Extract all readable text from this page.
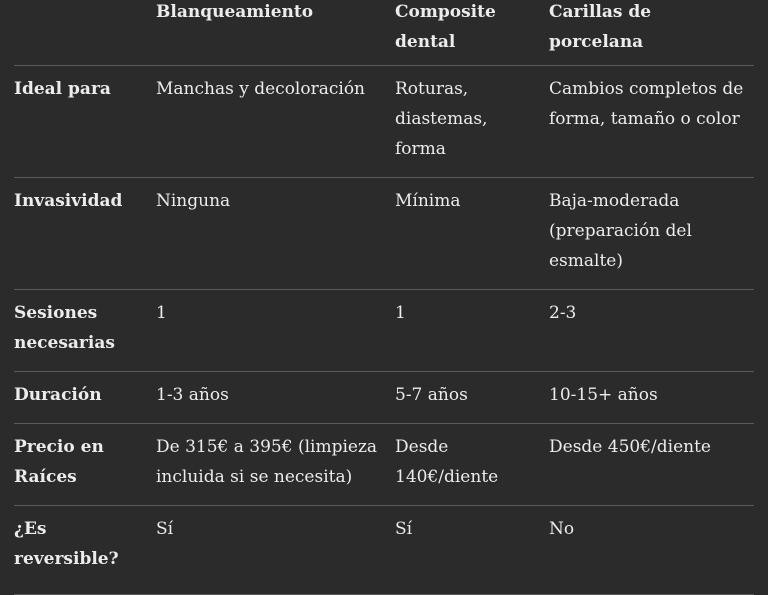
	Blanqueamiento	Composite dental	Carillas de porcelana
Ideal para	Manchas y decoloración	Roturas, diastemas, forma	Cambios completos de forma, tamaño o color
Invasividad	Ninguna	Mínima	Baja-moderada (preparación del esmalte)
Sesiones necesarias	1	1	2-3
Duración	1-3 años	5-7 años	10-15+ años
Precio en Raíces	De 315€ a 395€ (limpieza incluida si se necesita)	Desde 140€/diente	Desde 450€/diente
¿Es reversible?	Sí	Sí	No
